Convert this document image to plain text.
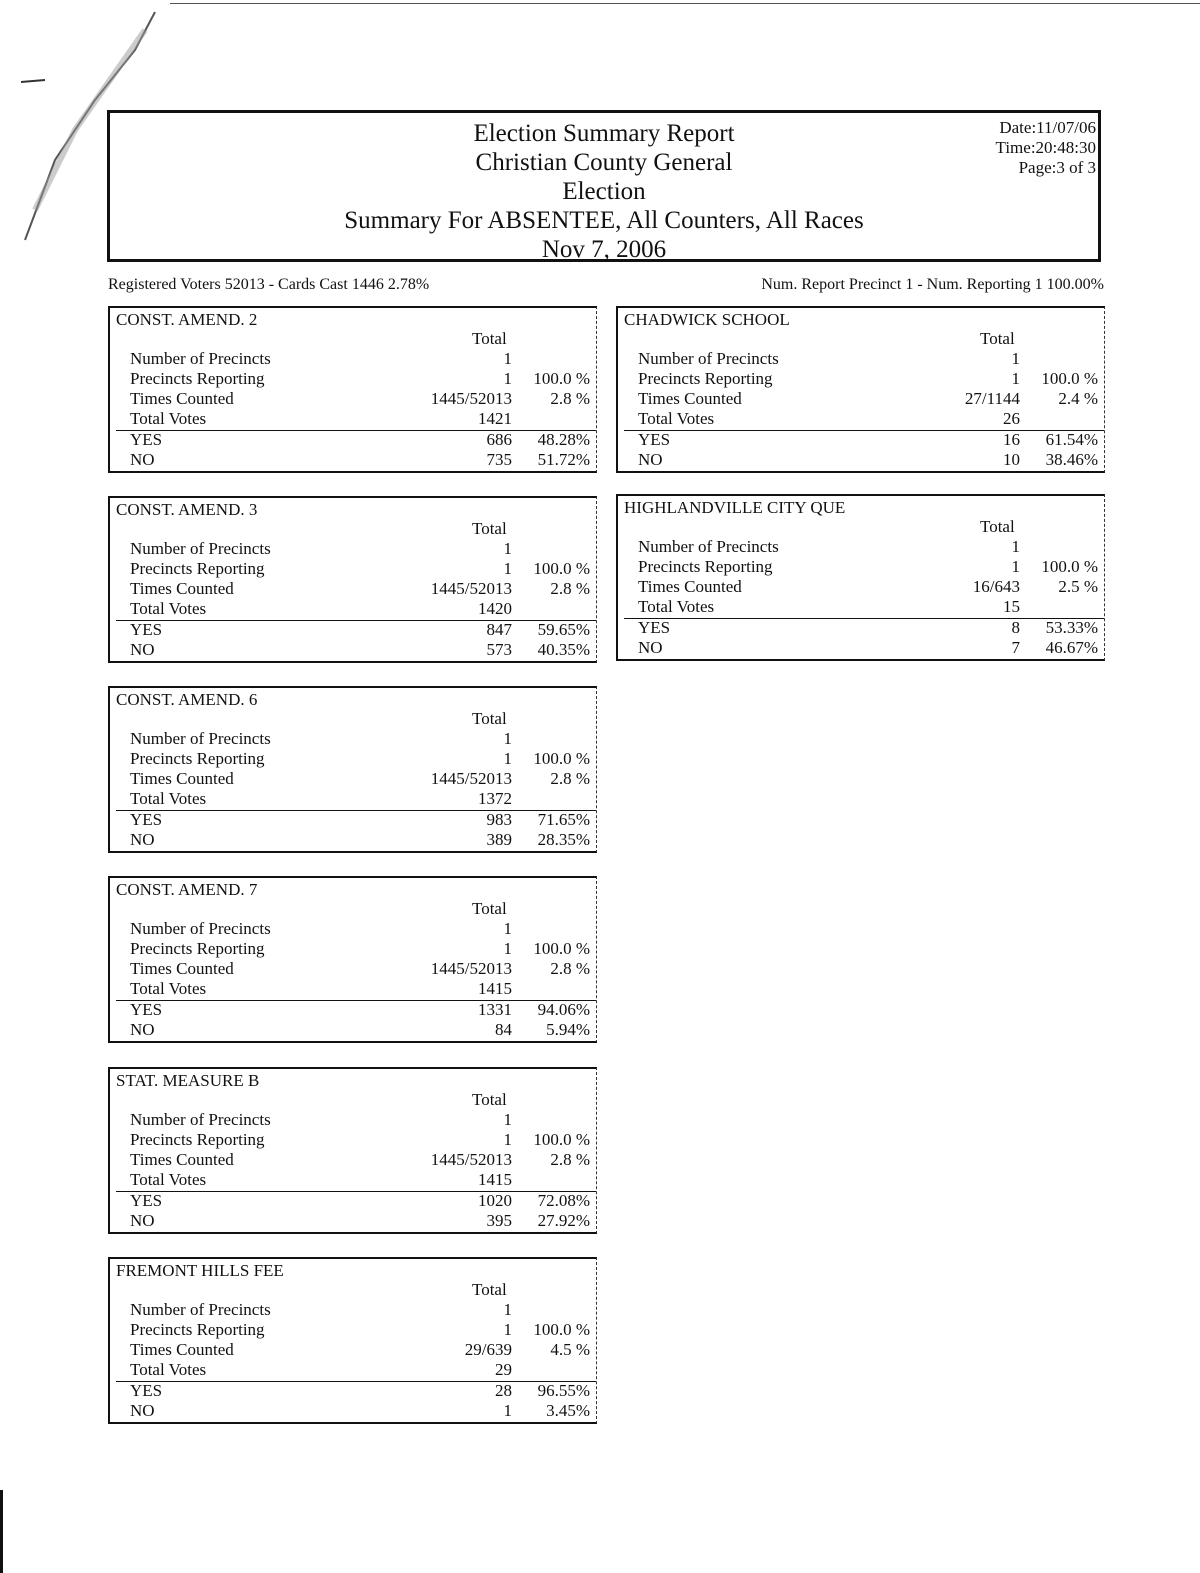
Election Summary Report
Christian County General
Election
Summary For ABSENTEE, All Counters, All Races
Nov 7, 2006
Date:11/07/06
Time:20:48:30
Page:3 of 3
Registered Voters 52013 - Cards Cast 1446 2.78%	Num. Report Precinct 1 - Num. Reporting 1 100.00%
CONST. AMEND. 2
Total
Number of Precincts	1
Precincts Reporting	1 100.0 %
Times Counted	1445/52013 2.8 %
Total Votes	1421
YES	686 48.28%
NO	735 51.72%
CONST. AMEND. 3
Total
Number of Precincts	1
Precincts Reporting	1 100.0 %
Times Counted	1445/52013 2.8 %
Total Votes	1420
YES	847 59.65%
NO	573 40.35%
CONST. AMEND. 6
Total
Number of Precincts	1
Precincts Reporting	1 100.0 %
Times Counted	1445/52013 2.8 %
Total Votes	1372
YES	983 71.65%
NO	389 28.35%
CONST. AMEND. 7
Total
Number of Precincts	1
Precincts Reporting	1 100.0 %
Times Counted	1445/52013 2.8 %
Total Votes	1415
YES	1331 94.06%
NO	84 5.94%
STAT. MEASURE B
Total
Number of Precincts	1
Precincts Reporting	1 100.0 %
Times Counted	1445/52013 2.8 %
Total Votes	1415
YES	1020 72.08%
NO	395 27.92%
FREMONT HILLS FEE
Total
Number of Precincts	1
Precincts Reporting	1 100.0 %
Times Counted	29/639 4.5 %
Total Votes	29
YES	28 96.55%
NO	1 3.45%
CHADWICK SCHOOL
Total
Number of Precincts	1
Precincts Reporting	1 100.0 %
Times Counted	27/1144 2.4 %
Total Votes	26
YES	16 61.54%
NO	10 38.46%
HIGHLANDVILLE CITY QUE
Total
Number of Precincts	1
Precincts Reporting	1 100.0 %
Times Counted	16/643 2.5 %
Total Votes	15
YES	8 53.33%
NO	7 46.67%
